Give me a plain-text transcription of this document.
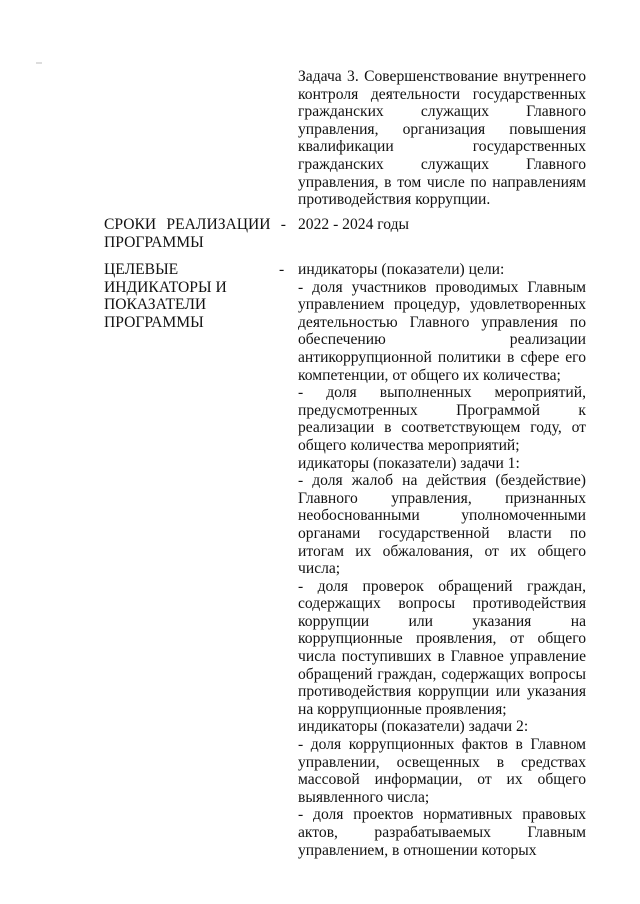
Задача 3. Совершенствование внутреннего контроля деятельности государственных гражданских служащих Главного управления, организация повышения квалификации государственных гражданских служащих Главного управления, в том числе по направлениям противодействия коррупции.

СРОКИ РЕАЛИЗАЦИИ -
ПРОГРАММЫ

2022 - 2024 годы

ЦЕЛЕВЫЕ
ИНДИКАТОРЫ И
ПОКАЗАТЕЛИ
ПРОГРАММЫ
- индикаторы (показатели) цели:

- доля участников проводимых Главным управлением процедур, удовлетворенных деятельностью Главного управления по обеспечению реализации антикоррупционной политики в сфере его компетенции, от общего их количества;

- доля выполненных мероприятий, предусмотренных Программой к реализации в соответствующем году, от общего количества мероприятий;

идикаторы (показатели) задачи 1:

- доля жалоб на действия (бездействие) Главного управления, признанных необоснованными уполномоченными органами государственной власти по итогам их обжалования, от их общего числа;

- доля проверок обращений граждан, содержащих вопросы противодействия коррупции или указания на коррупционные проявления, от общего числа поступивших в Главное управление обращений граждан, содержащих вопросы противодействия коррупции или указания на коррупционные проявления;

индикаторы (показатели) задачи 2:

- доля коррупционных фактов в Главном управлении, освещенных в средствах массовой информации, от их общего выявленного числа;

- доля проектов нормативных правовых актов, разрабатываемых Главным управлением, в отношении которых
